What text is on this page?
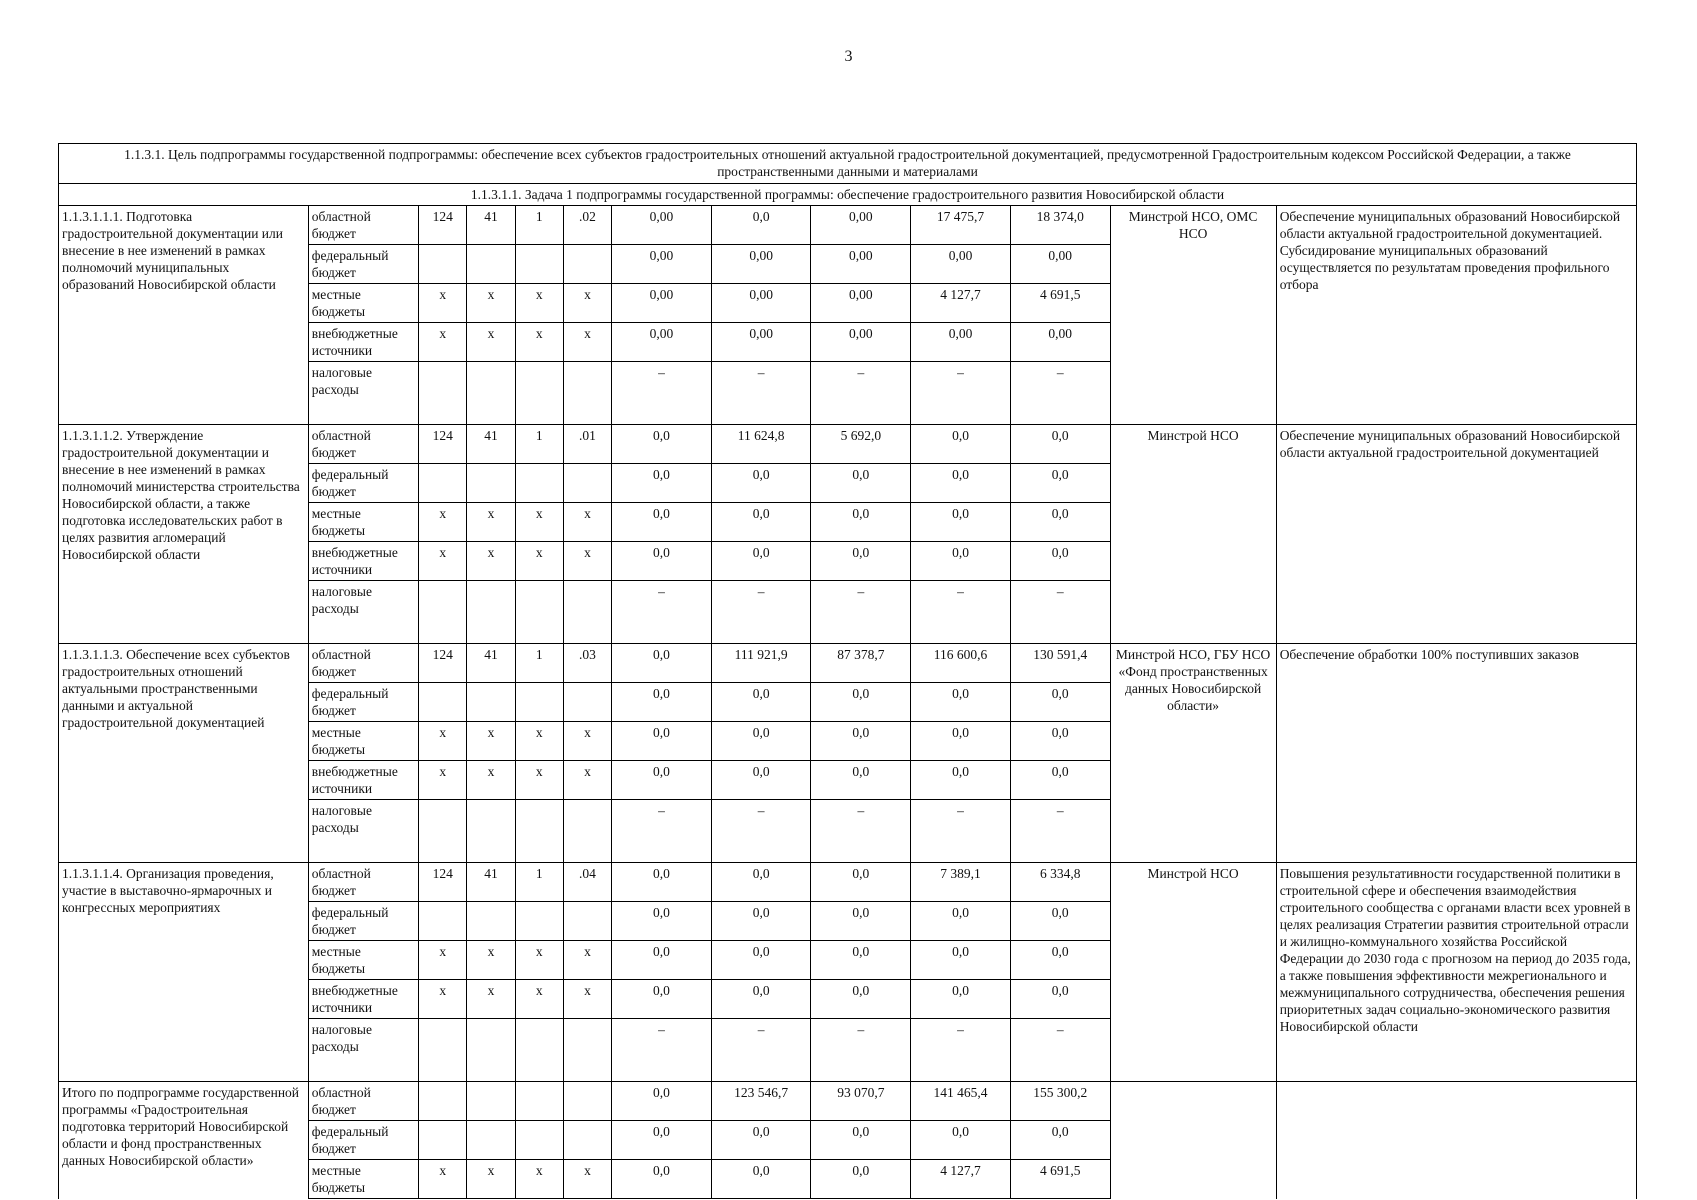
3
1.1.3.1. Цель подпрограммы государственной подпрограммы: обеспечение всех субъектов градостроительных отношений актуальной градостроительной документацией, предусмотренной Градостроительным кодексом Российской Федерации, а также пространственными данными и материалами												
1.1.3.1.1. Задача 1 подпрограммы государственной программы: обеспечение градостроительного развития Новосибирской области												
1.1.3.1.1.1. Подготовка градостроительной документации или внесение в нее изменений в рамках полномочий муниципальных образований Новосибирской области	областной бюджет	124	41	1	.02	0,00	0,0	0,00	17 475,7	18 374,0	Минстрой НСО, ОМС НСО	Обеспечение муниципальных образований Новосибирской области актуальной градостроительной документацией.
Субсидирование муниципальных образований осуществляется по результатам проведения профильного отбора
	федеральный бюджет					0,00	0,00	0,00	0,00	0,00		
	местные бюджеты	x	x	x	x	0,00	0,00	0,00	4 127,7	4 691,5		
	внебюджетные источники	x	x	x	x	0,00	0,00	0,00	0,00	0,00		
	налоговые расходы					–	–	–	–	–		
1.1.3.1.1.2. Утверждение градостроительной документации и внесение в нее изменений в рамках полномочий министерства строительства Новосибирской области, а также подготовка исследовательских работ в целях развития агломераций Новосибирской области	областной бюджет	124	41	1	.01	0,0	11 624,8	5 692,0	0,0	0,0	Минстрой НСО	Обеспечение муниципальных образований Новосибирской области актуальной градостроительной документацией
	федеральный бюджет					0,0	0,0	0,0	0,0	0,0		
	местные бюджеты	x	x	x	x	0,0	0,0	0,0	0,0	0,0		
	внебюджетные источники	x	x	x	x	0,0	0,0	0,0	0,0	0,0		
	налоговые расходы					–	–	–	–	–		
1.1.3.1.1.3. Обеспечение всех субъектов градостроительных отношений актуальными пространственными данными и актуальной градостроительной документацией	областной бюджет	124	41	1	.03	0,0	111 921,9	87 378,7	116 600,6	130 591,4	Минстрой НСО, ГБУ НСО «Фонд пространственных данных Новосибирской области»	Обеспечение обработки 100% поступивших заказов
	федеральный бюджет					0,0	0,0	0,0	0,0	0,0		
	местные бюджеты	x	x	x	x	0,0	0,0	0,0	0,0	0,0		
	внебюджетные источники	x	x	x	x	0,0	0,0	0,0	0,0	0,0		
	налоговые расходы					–	–	–	–	–		
1.1.3.1.1.4. Организация проведения, участие в выставочно-ярмарочных и конгрессных мероприятиях	областной бюджет	124	41	1	.04	0,0	0,0	0,0	7 389,1	6 334,8	Минстрой НСО	Повышения результативности государственной политики в строительной сфере и обеспечения взаимодействия строительного сообщества с органами власти всех уровней в целях реализация Стратегии развития строительной отрасли и жилищно-коммунального хозяйства Российской Федерации до 2030 года с прогнозом на период до 2035 года, а также повышения эффективности межрегионального и межмуниципального сотрудничества, обеспечения решения приоритетных задач социально-экономического развития Новосибирской области
	федеральный бюджет					0,0	0,0	0,0	0,0	0,0		
	местные бюджеты	x	x	x	x	0,0	0,0	0,0	0,0	0,0		
	внебюджетные источники	x	x	x	x	0,0	0,0	0,0	0,0	0,0		
	налоговые расходы					–	–	–	–	–		
Итого по подпрограмме государственной программы «Градостроительная подготовка территорий Новосибирской области и фонд пространственных данных Новосибирской области»	областной бюджет					0,0	123 546,7	93 070,7	141 465,4	155 300,2		
	федеральный бюджет					0,0	0,0	0,0	0,0	0,0		
	местные бюджеты	x	x	x	x	0,0	0,0	0,0	4 127,7	4 691,5		
